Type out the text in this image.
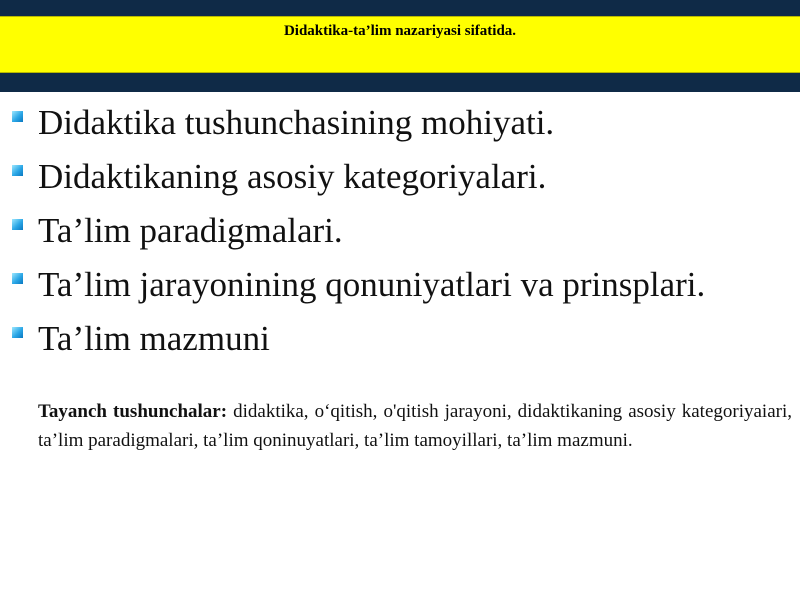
Didaktika-ta’lim nazariyasi sifatida.
Didaktika tushunchasining mohiyati.
Didaktikaning asosiy kategoriyalari.
Ta’lim paradigmalari.
Ta’lim jarayonining qonuniyatlari va prinsplari.
Ta’lim mazmuni

Tayanch tushunchalar: didaktika, o‘qitish, o'qitish jarayoni, didaktikaning asosiy kategoriyaiari, ta’lim paradigmalari, ta’lim qoninuyatlari, ta’lim tamoyillari, ta’lim mazmuni.
